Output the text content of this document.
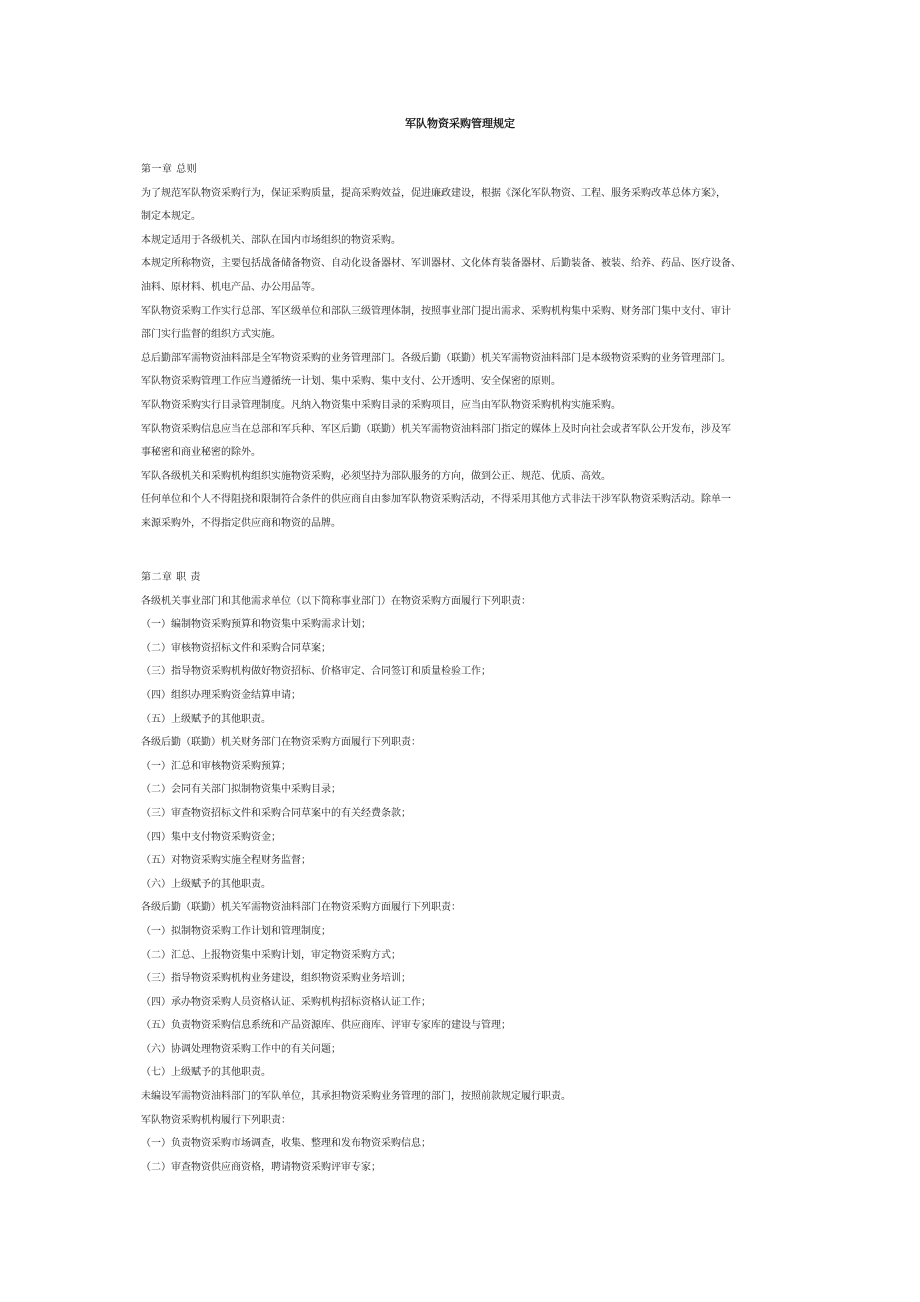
军队物资采购管理规定

第一章 总则

为了规范军队物资采购行为，保证采购质量，提高采购效益，促进廉政建设，根据《深化军队物资、工程、服务采购改革总体方案》，

制定本规定。

本规定适用于各级机关、部队在国内市场组织的物资采购。

本规定所称物资，主要包括战备储备物资、自动化设备器材、军训器材、文化体育装备器材、后勤装备、被装、给养、药品、医疗设备、

油料、原材料、机电产品、办公用品等。

军队物资采购工作实行总部、军区级单位和部队三级管理体制，按照事业部门提出需求、采购机构集中采购、财务部门集中支付、审计

部门实行监督的组织方式实施。

总后勤部军需物资油料部是全军物资采购的业务管理部门。各级后勤（联勤）机关军需物资油料部门是本级物资采购的业务管理部门。

军队物资采购管理工作应当遵循统一计划、集中采购、集中支付、公开透明、安全保密的原则。

军队物资采购实行目录管理制度。凡纳入物资集中采购目录的采购项目，应当由军队物资采购机构实施采购。

军队物资采购信息应当在总部和军兵种、军区后勤（联勤）机关军需物资油料部门指定的媒体上及时向社会或者军队公开发布，涉及军

事秘密和商业秘密的除外。

军队各级机关和采购机构组织实施物资采购，必须坚持为部队服务的方向，做到公正、规范、优质、高效。

任何单位和个人不得阻挠和限制符合条件的供应商自由参加军队物资采购活动，不得采用其他方式非法干涉军队物资采购活动。除单一

来源采购外，不得指定供应商和物资的品牌。

第二章 职 责

各级机关事业部门和其他需求单位（以下简称事业部门）在物资采购方面履行下列职责：

（一）编制物资采购预算和物资集中采购需求计划；

（二）审核物资招标文件和采购合同草案；

（三）指导物资采购机构做好物资招标、价格审定、合同签订和质量检验工作；

（四）组织办理采购资金结算申请；

（五）上级赋予的其他职责。

各级后勤（联勤）机关财务部门在物资采购方面履行下列职责：

（一）汇总和审核物资采购预算；

（二）会同有关部门拟制物资集中采购目录；

（三）审查物资招标文件和采购合同草案中的有关经费条款；

（四）集中支付物资采购资金；

（五）对物资采购实施全程财务监督；

（六）上级赋予的其他职责。

各级后勤（联勤）机关军需物资油料部门在物资采购方面履行下列职责：

（一）拟制物资采购工作计划和管理制度；

（二）汇总、上报物资集中采购计划，审定物资采购方式；

（三）指导物资采购机构业务建设，组织物资采购业务培训；

（四）承办物资采购人员资格认证、采购机构招标资格认证工作；

（五）负责物资采购信息系统和产品资源库、供应商库、评审专家库的建设与管理；

（六）协调处理物资采购工作中的有关问题；

（七）上级赋予的其他职责。

未编设军需物资油料部门的军队单位，其承担物资采购业务管理的部门，按照前款规定履行职责。

军队物资采购机构履行下列职责：

（一）负责物资采购市场调查，收集、整理和发布物资采购信息；

（二）审查物资供应商资格，聘请物资采购评审专家；
